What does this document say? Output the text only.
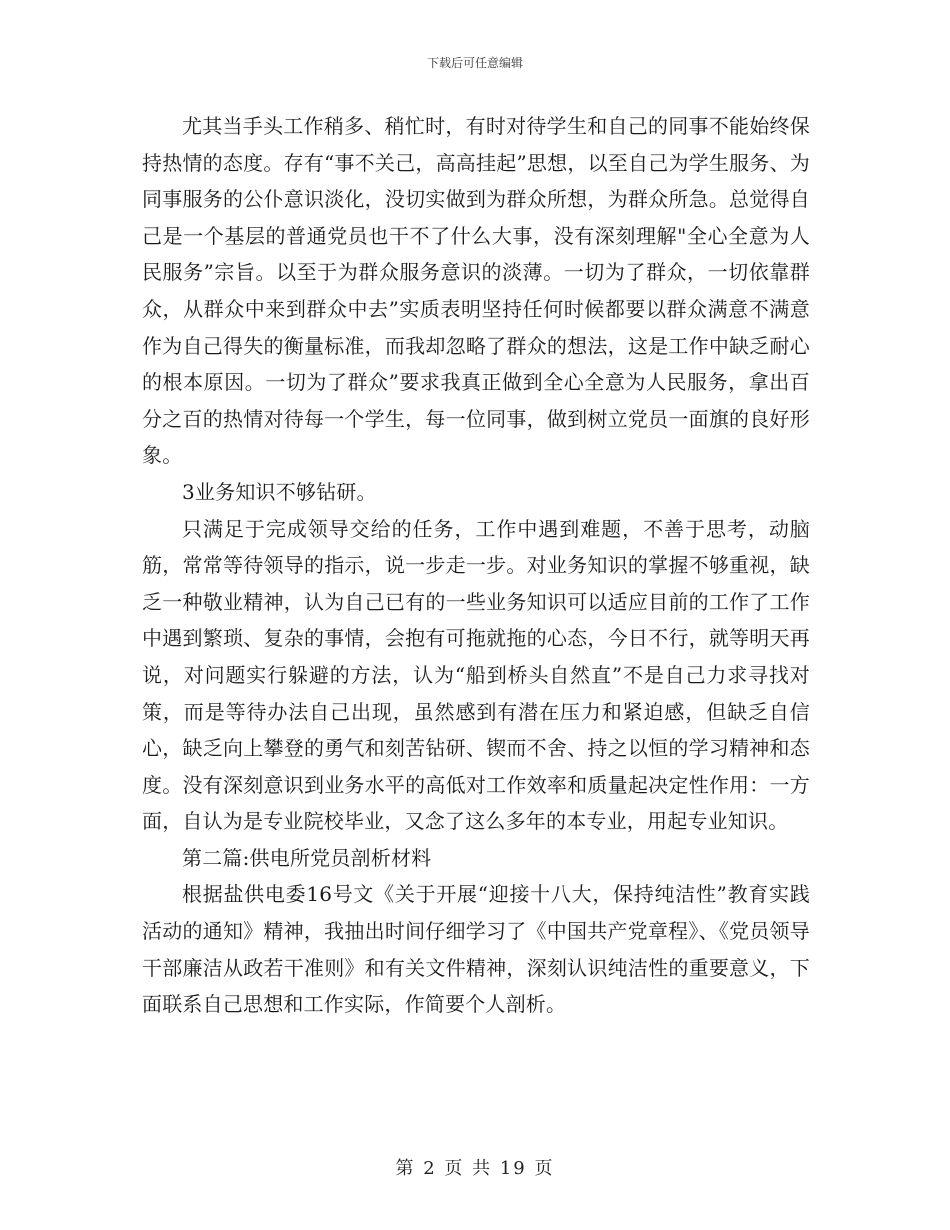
下载后可任意编辑

尤其当手头工作稍多、稍忙时，有时对待学生和自己的同事不能始终保持热情的态度。存有“事不关己，高高挂起”思想，以至自己为学生服务、为同事服务的公仆意识淡化，没切实做到为群众所想，为群众所急。总觉得自己是一个基层的普通党员也干不了什么大事，没有深刻理解"全心全意为人民服务”宗旨。以至于为群众服务意识的淡薄。一切为了群众，一切依靠群众，从群众中来到群众中去”实质表明坚持任何时候都要以群众满意不满意作为自己得失的衡量标准，而我却忽略了群众的想法，这是工作中缺乏耐心的根本原因。一切为了群众”要求我真正做到全心全意为人民服务，拿出百分之百的热情对待每一个学生，每一位同事，做到树立党员一面旗的良好形象。

3业务知识不够钻研。

只满足于完成领导交给的任务，工作中遇到难题，不善于思考，动脑筋，常常等待领导的指示，说一步走一步。对业务知识的掌握不够重视，缺乏一种敬业精神，认为自己已有的一些业务知识可以适应目前的工作了工作中遇到繁琐、复杂的事情，会抱有可拖就拖的心态，今日不行，就等明天再说，对问题实行躲避的方法，认为“船到桥头自然直”不是自己力求寻找对策，而是等待办法自己出现，虽然感到有潜在压力和紧迫感，但缺乏自信心，缺乏向上攀登的勇气和刻苦钻研、锲而不舍、持之以恒的学习精神和态度。没有深刻意识到业务水平的高低对工作效率和质量起决定性作用：一方面，自认为是专业院校毕业，又念了这么多年的本专业，用起专业知识。

第二篇:供电所党员剖析材料

根据盐供电委16号文《关于开展“迎接十八大，保持纯洁性”教育实践活动的通知》精神，我抽出时间仔细学习了《中国共产党章程》、《党员领导干部廉洁从政若干准则》和有关文件精神，深刻认识纯洁性的重要意义，下面联系自己思想和工作实际，作简要个人剖析。

第 2 页 共 19 页
